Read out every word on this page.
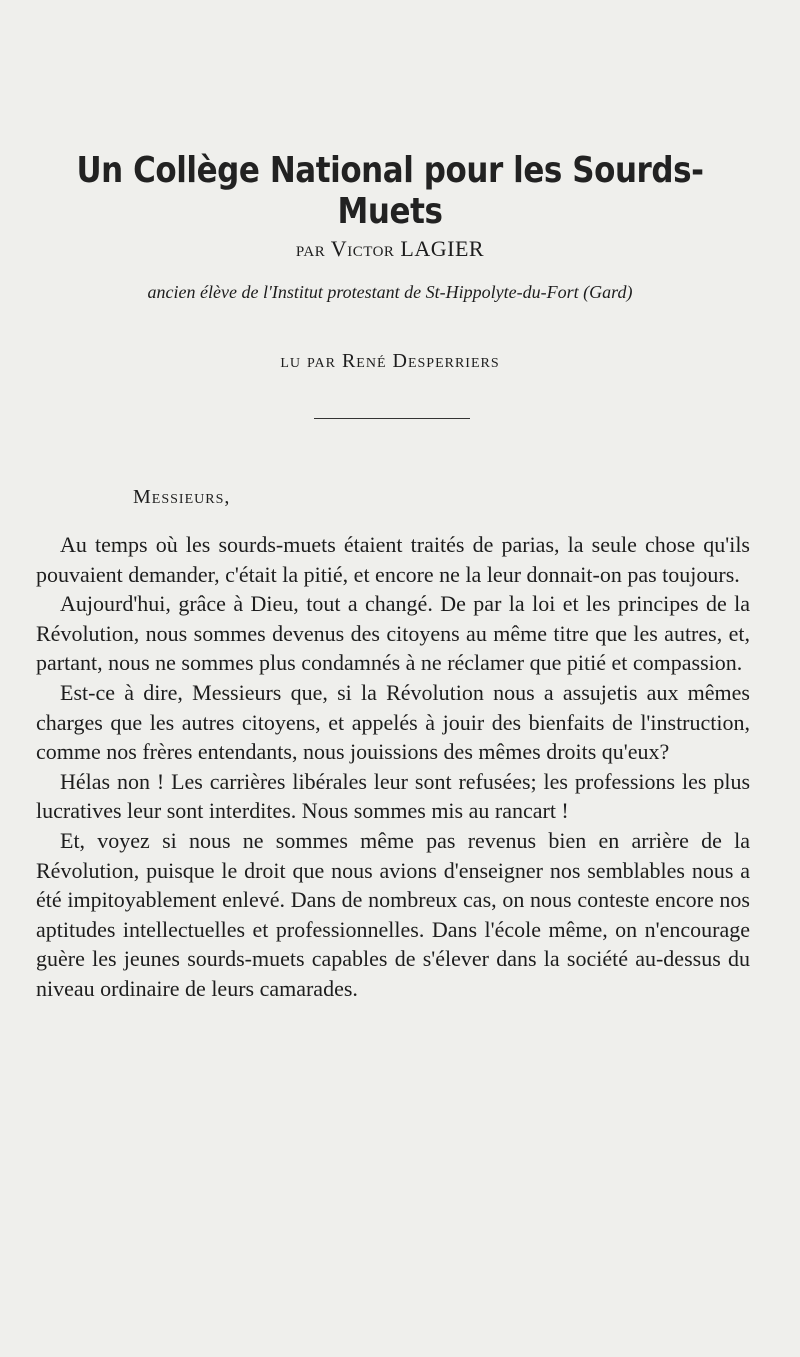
Un Collège National pour les Sourds-Muets
par Victor LAGIER
ancien élève de l'Institut protestant de St-Hippolyte-du-Fort (Gard)
lu par René Desperriers
Messieurs,

Au temps où les sourds-muets étaient traités de parias, la seule chose qu'ils pouvaient demander, c'était la pitié, et encore ne la leur donnait-on pas toujours.

Aujourd'hui, grâce à Dieu, tout a changé. De par la loi et les principes de la Révolution, nous sommes devenus des citoyens au même titre que les autres, et, partant, nous ne sommes plus condamnés à ne réclamer que pitié et compassion.

Est-ce à dire, Messieurs que, si la Révolution nous a assujetis aux mêmes charges que les autres citoyens, et appelés à jouir des bienfaits de l'instruction, comme nos frères entendants, nous jouissions des mêmes droits qu'eux?

Hélas non ! Les carrières libérales leur sont refusées; les professions les plus lucratives leur sont interdites. Nous sommes mis au rancart !

Et, voyez si nous ne sommes même pas revenus bien en arrière de la Révolution, puisque le droit que nous avions d'enseigner nos semblables nous a été impitoyablement enlevé. Dans de nombreux cas, on nous conteste encore nos aptitudes intellectuelles et professionnelles. Dans l'école même, on n'encourage guère les jeunes sourds-muets capables de s'élever dans la société au-dessus du niveau ordinaire de leurs camarades.
